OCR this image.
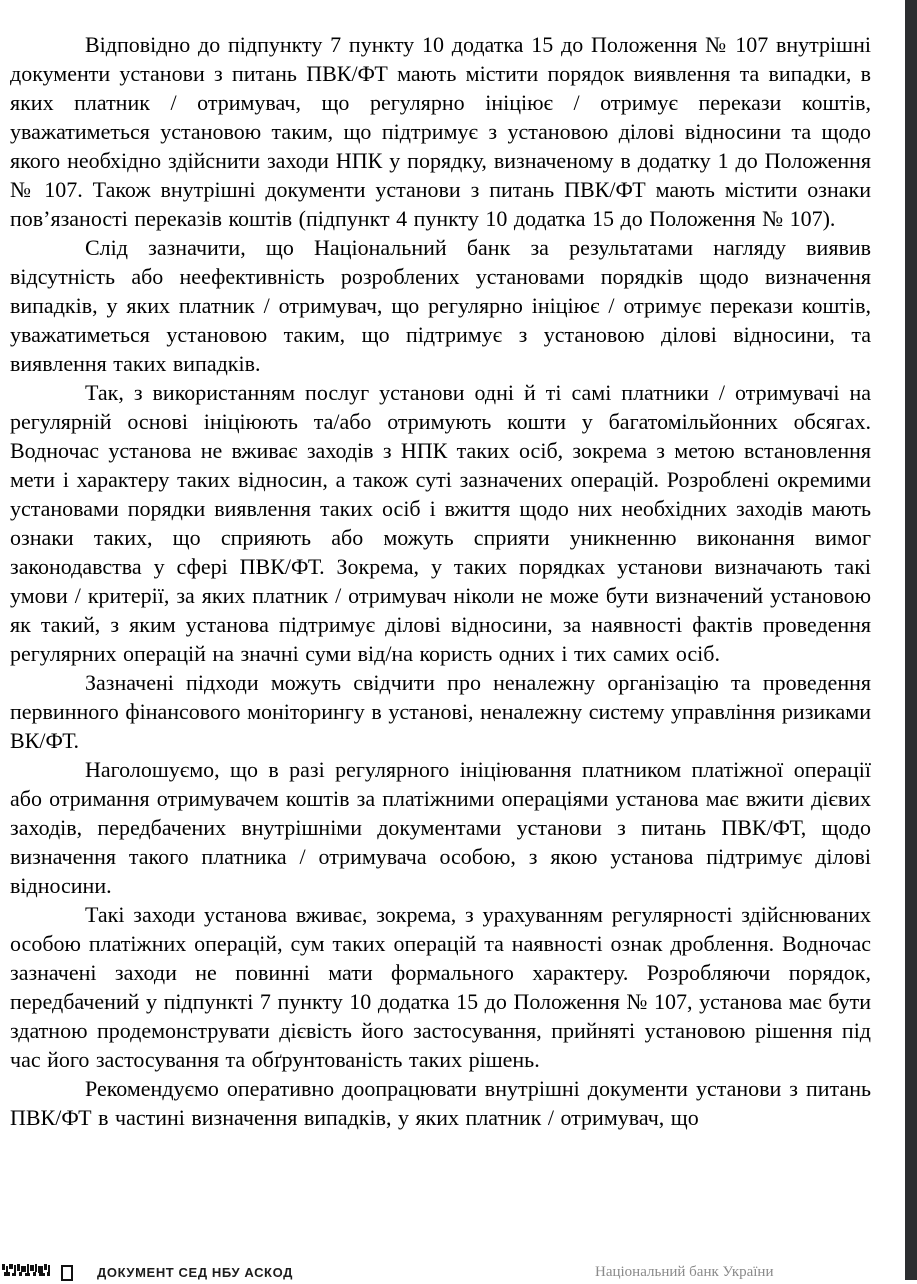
Відповідно до підпункту 7 пункту 10 додатка 15 до Положення № 107 внутрішні документи установи з питань ПВК/ФТ мають містити порядок виявлення та випадки, в яких платник / отримувач, що регулярно ініціює / отримує перекази коштів, уважатиметься установою таким, що підтримує з установою ділові відносини та щодо якого необхідно здійснити заходи НПК у порядку, визначеному в додатку 1 до Положення № 107. Також внутрішні документи установи з питань ПВК/ФТ мають містити ознаки пов’язаності переказів коштів (підпункт 4 пункту 10 додатка 15 до Положення № 107).

Слід зазначити, що Національний банк за результатами нагляду виявив відсутність або неефективність розроблених установами порядків щодо визначення випадків, у яких платник / отримувач, що регулярно ініціює / отримує перекази коштів, уважатиметься установою таким, що підтримує з установою ділові відносини, та виявлення таких випадків.

Так, з використанням послуг установи одні й ті самі платники / отримувачі на регулярній основі ініціюють та/або отримують кошти у багатомільйонних обсягах. Водночас установа не вживає заходів з НПК таких осіб, зокрема з метою встановлення мети і характеру таких відносин, а також суті зазначених операцій. Розроблені окремими установами порядки виявлення таких осіб і вжиття щодо них необхідних заходів мають ознаки таких, що сприяють або можуть сприяти уникненню виконання вимог законодавства у сфері ПВК/ФТ. Зокрема, у таких порядках установи визначають такі умови / критерії, за яких платник / отримувач ніколи не може бути визначений установою як такий, з яким установа підтримує ділові відносини, за наявності фактів проведення регулярних операцій на значні суми від/на користь одних і тих самих осіб.

Зазначені підходи можуть свідчити про неналежну організацію та проведення первинного фінансового моніторингу в установі, неналежну систему управління ризиками ВК/ФТ.

Наголошуємо, що в разі регулярного ініціювання платником платіжної операції або отримання отримувачем коштів за платіжними операціями установа має вжити дієвих заходів, передбачених внутрішніми документами установи з питань ПВК/ФТ, щодо визначення такого платника / отримувача особою, з якою установа підтримує ділові відносини.

Такі заходи установа вживає, зокрема, з урахуванням регулярності здійснюваних особою платіжних операцій, сум таких операцій та наявності ознак дроблення. Водночас зазначені заходи не повинні мати формального характеру. Розробляючи порядок, передбачений у підпункті 7 пункту 10 додатка 15 до Положення № 107, установа має бути здатною продемонструвати дієвість його застосування, прийняті установою рішення під час його застосування та обґрунтованість таких рішень.

Рекомендуємо оперативно доопрацювати внутрішні документи установи з питань ПВК/ФТ в частині визначення випадків, у яких платник / отримувач, що

ДОКУМЕНТ СЕД НБУ АСКОД	Національний банк України
